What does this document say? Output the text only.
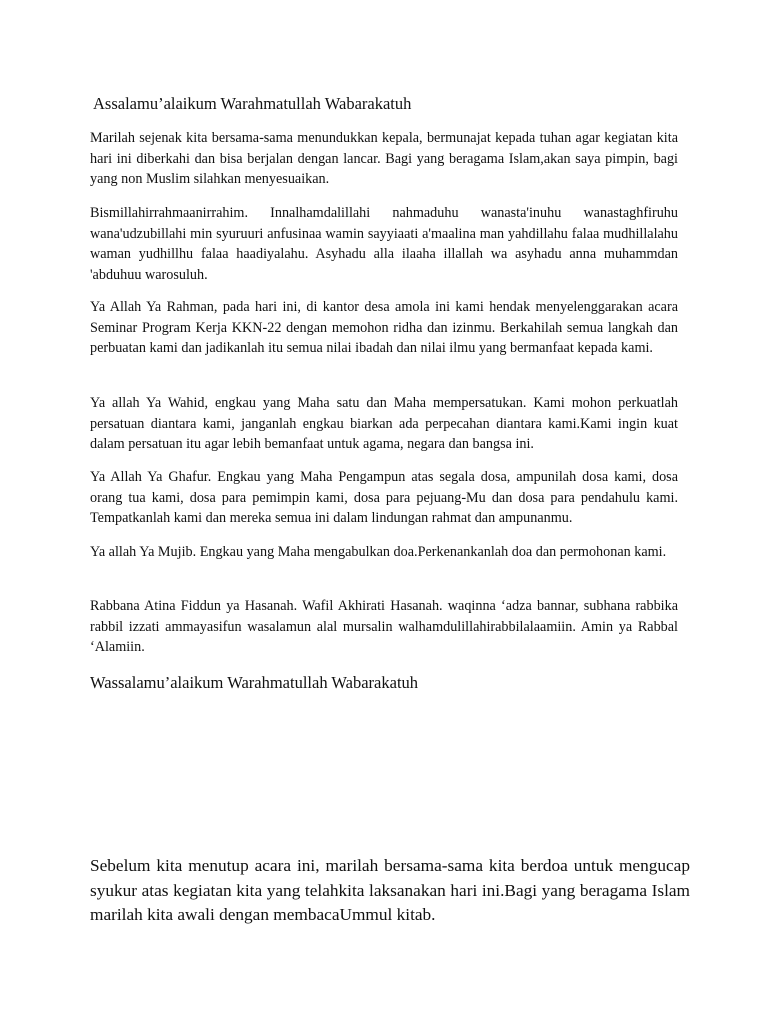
Assalamu’alaikum Warahmatullah Wabarakatuh

Marilah sejenak kita bersama-sama menundukkan kepala, bermunajat kepada tuhan agar kegiatan kita hari ini diberkahi dan bisa berjalan dengan lancar. Bagi yang beragama Islam,akan saya pimpin, bagi yang non Muslim silahkan menyesuaikan.

Bismillahirrahmaanirrahim. Innalhamdalillahi nahmaduhu wanasta'inuhu wanastaghfiruhu wana'udzubillahi min syuruuri anfusinaa wamin sayyiaati a'maalina man yahdillahu falaa mudhillalahu waman yudhillhu falaa haadiyalahu. Asyhadu alla ilaaha illallah wa asyhadu anna muhammdan 'abduhuu warosuluh.

Ya Allah Ya Rahman, pada hari ini, di kantor desa amola ini kami hendak menyelenggarakan acara Seminar Program Kerja KKN-22 dengan memohon ridha dan izinmu. Berkahilah semua langkah dan perbuatan kami dan jadikanlah itu semua nilai ibadah dan nilai ilmu yang bermanfaat kepada kami.

Ya allah Ya Wahid, engkau yang Maha satu dan Maha mempersatukan. Kami mohon perkuatlah persatuan diantara kami, janganlah engkau biarkan ada perpecahan diantara kami.Kami ingin kuat dalam persatuan itu agar lebih bemanfaat untuk agama, negara dan bangsa ini.

Ya Allah Ya Ghafur. Engkau yang Maha Pengampun atas segala dosa, ampunilah dosa kami, dosa orang tua kami, dosa para pemimpin kami, dosa para pejuang-Mu dan dosa para pendahulu kami. Tempatkanlah kami dan mereka semua ini dalam lindungan rahmat dan ampunanmu.

Ya allah Ya Mujib. Engkau yang Maha mengabulkan doa.Perkenankanlah doa dan permohonan kami.

Rabbana Atina Fiddun ya Hasanah. Wafil Akhirati Hasanah. waqinna ‘adza bannar, subhana rabbika rabbil izzati ammayasifun wasalamun alal mursalin walhamdulillahirabbilalaamiin. Amin ya Rabbal ‘Alamiin.

Wassalamu’alaikum Warahmatullah Wabarakatuh

Sebelum kita menutup acara ini, marilah bersama-sama kita berdoa untuk mengucap syukur atas kegiatan kita yang telahkita laksanakan hari ini.Bagi yang beragama Islam marilah kita awali dengan membacaUmmul kitab.
